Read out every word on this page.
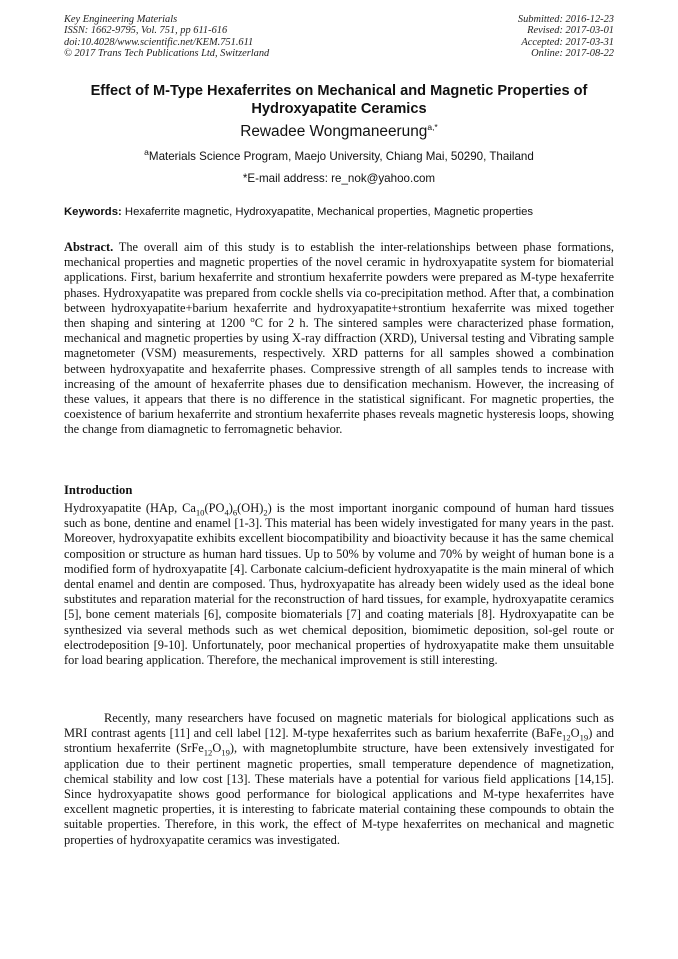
Key Engineering Materials
ISSN: 1662-9795, Vol. 751, pp 611-616
doi:10.4028/www.scientific.net/KEM.751.611
© 2017 Trans Tech Publications Ltd, Switzerland
Submitted: 2016-12-23
Revised: 2017-03-01
Accepted: 2017-03-31
Online: 2017-08-22
Effect of M-Type Hexaferrites on Mechanical and Magnetic Properties of Hydroxyapatite Ceramics
Rewadee Wongmaneerung$^{a,*}$
$^a$Materials Science Program, Maejo University, Chiang Mai, 50290, Thailand
*E-mail address: re_nok@yahoo.com
Keywords: Hexaferrite magnetic, Hydroxyapatite, Mechanical properties, Magnetic properties
Abstract. The overall aim of this study is to establish the inter-relationships between phase formations, mechanical properties and magnetic properties of the novel ceramic in hydroxyapatite system for biomaterial applications. First, barium hexaferrite and strontium hexaferrite powders were prepared as M-type hexaferrite phases. Hydroxyapatite was prepared from cockle shells via co-precipitation method. After that, a combination between hydroxyapatite+barium hexaferrite and hydroxyapatite+strontium hexaferrite was mixed together then shaping and sintering at 1200 $^o$C for 2 h. The sintered samples were characterized phase formation, mechanical and magnetic properties by using X-ray diffraction (XRD), Universal testing and Vibrating sample magnetometer (VSM) measurements, respectively. XRD patterns for all samples showed a combination between hydroxyapatite and hexaferrite phases. Compressive strength of all samples tends to increase with increasing of the amount of hexaferrite phases due to densification mechanism. However, the increasing of these values, it appears that there is no difference in the statistical significant. For magnetic properties, the coexistence of barium hexaferrite and strontium hexaferrite phases reveals magnetic hysteresis loops, showing the change from diamagnetic to ferromagnetic behavior.
Introduction
Hydroxyapatite (HAp, $Ca_{10}(PO_4)_6(OH)_2$) is the most important inorganic compound of human hard tissues such as bone, dentine and enamel [1-3]. This material has been widely investigated for many years in the past. Moreover, hydroxyapatite exhibits excellent biocompatibility and bioactivity because it has the same chemical composition or structure as human hard tissues. Up to 50% by volume and 70% by weight of human bone is a modified form of hydroxyapatite [4]. Carbonate calcium-deficient hydroxyapatite is the main mineral of which dental enamel and dentin are composed. Thus, hydroxyapatite has already been widely used as the ideal bone substitutes and reparation material for the reconstruction of hard tissues, for example, hydroxyapatite ceramics [5], bone cement materials [6], composite biomaterials [7] and coating materials [8]. Hydroxyapatite can be synthesized via several methods such as wet chemical deposition, biomimetic deposition, sol-gel route or electrodeposition [9-10]. Unfortunately, poor mechanical properties of hydroxyapatite make them unsuitable for load bearing application. Therefore, the mechanical improvement is still interesting.
Recently, many researchers have focused on magnetic materials for biological applications such as MRI contrast agents [11] and cell label [12]. M-type hexaferrites such as barium hexaferrite $(BaFe_{12}O_{19})$ and strontium hexaferrite $(SrFe_{12}O_{19})$, with magnetoplumbite structure, have been extensively investigated for application due to their pertinent magnetic properties, small temperature dependence of magnetization, chemical stability and low cost [13]. These materials have a potential for various field applications [14,15]. Since hydroxyapatite shows good performance for biological applications and M-type hexaferrites have excellent magnetic properties, it is interesting to fabricate material containing these compounds to obtain the suitable properties. Therefore, in this work, the effect of M-type hexaferrites on mechanical and magnetic properties of hydroxyapatite ceramics was investigated.
